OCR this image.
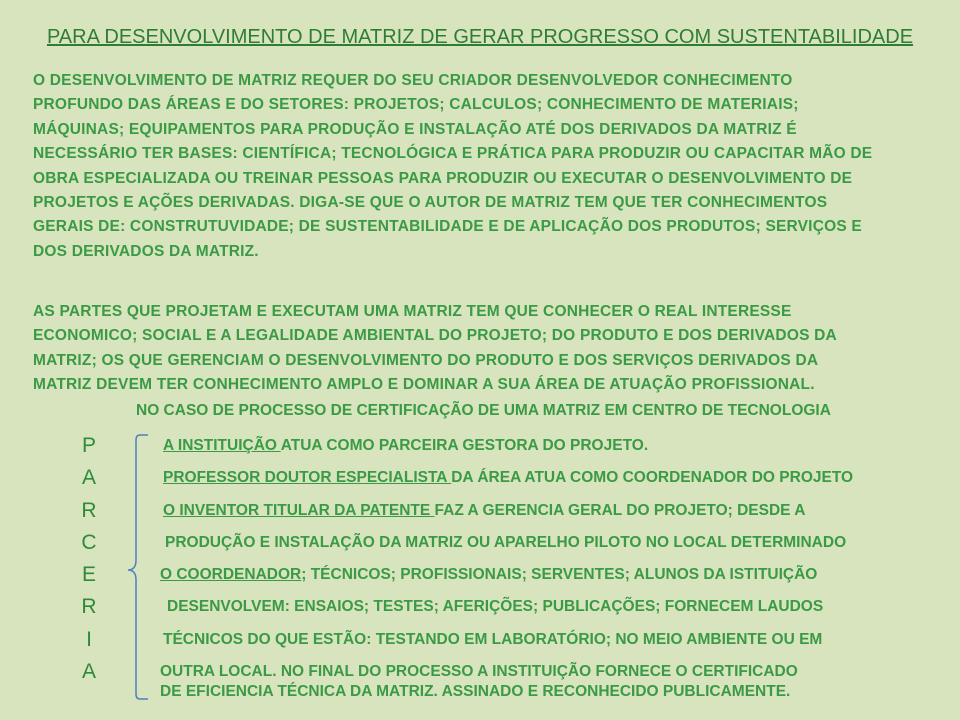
PARA DESENVOLVIMENTO DE MATRIZ DE GERAR PROGRESSO COM SUSTENTABILIDADE
O DESENVOLVIMENTO DE MATRIZ REQUER DO SEU CRIADOR DESENVOLVEDOR CONHECIMENTO
PROFUNDO DAS ÁREAS E DO SETORES: PROJETOS; CALCULOS; CONHECIMENTO DE MATERIAIS;
MÁQUINAS; EQUIPAMENTOS PARA PRODUÇÃO E INSTALAÇÃO ATÉ DOS DERIVADOS DA MATRIZ É
NECESSÁRIO TER BASES: CIENTÍFICA; TECNOLÓGICA E PRÁTICA PARA PRODUZIR OU CAPACITAR MÃO DE
OBRA ESPECIALIZADA OU TREINAR PESSOAS PARA PRODUZIR OU EXECUTAR O DESENVOLVIMENTO DE
PROJETOS E AÇÕES DERIVADAS. DIGA-SE QUE O AUTOR DE MATRIZ TEM QUE TER CONHECIMENTOS
GERAIS DE: CONSTRUTUVIDADE; DE SUSTENTABILIDADE E DE APLICAÇÃO DOS PRODUTOS; SERVIÇOS E
DOS DERIVADOS DA MATRIZ.
AS PARTES QUE PROJETAM E EXECUTAM UMA MATRIZ TEM QUE CONHECER O REAL INTERESSE
ECONOMICO; SOCIAL E A LEGALIDADE AMBIENTAL DO PROJETO; DO PRODUTO E DOS DERIVADOS DA
MATRIZ; OS QUE GERENCIAM O DESENVOLVIMENTO DO PRODUTO E DOS SERVIÇOS DERIVADOS DA
MATRIZ DEVEM TER CONHECIMENTO AMPLO E DOMINAR A SUA ÁREA DE ATUAÇÃO PROFISSIONAL.
NO CASO DE PROCESSO DE CERTIFICAÇÃO DE UMA MATRIZ EM CENTRO DE TECNOLOGIA
P
A
R
C
E
R
I
A
A INSTITUIÇÃO ATUA COMO PARCEIRA GESTORA DO PROJETO.
PROFESSOR DOUTOR ESPECIALISTA DA ÁREA ATUA COMO COORDENADOR DO PROJETO
O INVENTOR TITULAR DA PATENTE FAZ A GERENCIA GERAL DO PROJETO; DESDE A
PRODUÇÃO E INSTALAÇÃO DA MATRIZ OU APARELHO PILOTO NO LOCAL DETERMINADO
O COORDENADOR; TÉCNICOS; PROFISSIONAIS; SERVENTES; ALUNOS DA ISTITUIÇÃO
DESENVOLVEM: ENSAIOS; TESTES; AFERIÇÕES; PUBLICAÇÕES; FORNECEM LAUDOS
TÉCNICOS DO QUE ESTÃO: TESTANDO EM LABORATÓRIO; NO MEIO AMBIENTE OU EM
OUTRA LOCAL. NO FINAL DO PROCESSO A INSTITUIÇÃO FORNECE O CERTIFICADO
DE EFICIENCIA TÉCNICA DA MATRIZ. ASSINADO E RECONHECIDO PUBLICAMENTE.
